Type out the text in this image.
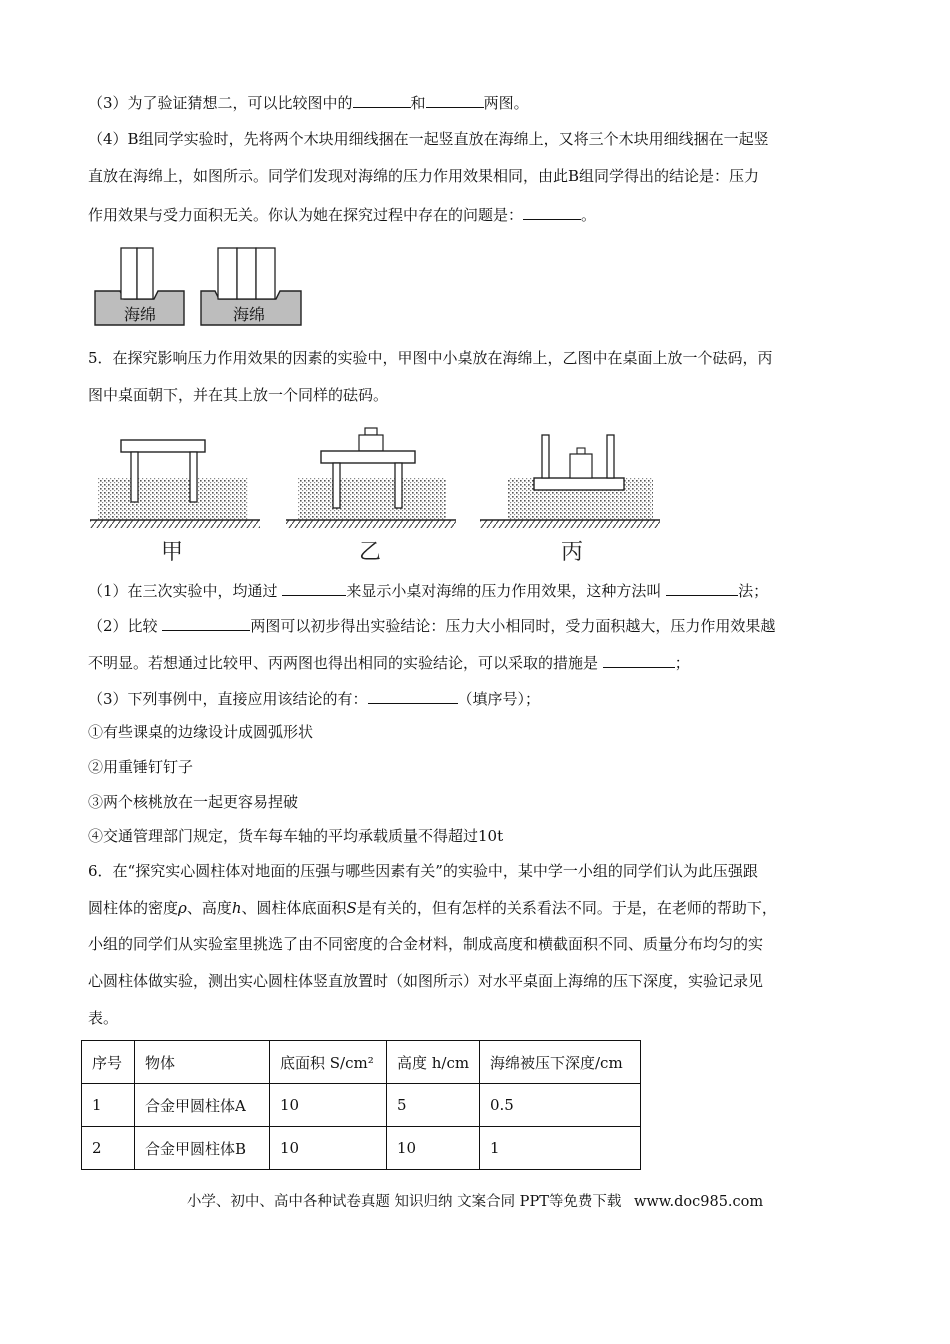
（3）为了验证猜想二，可以比较图中的	和	两图。
（4）B组同学实验时，先将两个木块用细线捆在一起竖直放在海绵上，又将三个木块用细线捆在一起竖
直放在海绵上，如图所示。同学们发现对海绵的压力作用效果相同，由此B组同学得出的结论是：压力
作用效果与受力面积无关。你认为她在探究过程中存在的问题是：	。
海绵	海绵
5．在探究影响压力作用效果的因素的实验中，甲图中小桌放在海绵上，乙图中在桌面上放一个砝码，丙
图中桌面朝下，并在其上放一个同样的砝码。
甲	乙	丙
（1）在三次实验中，均通过	来显示小桌对海绵的压力作用效果，这种方法叫	法；
（2）比较	两图可以初步得出实验结论：压力大小相同时，受力面积越大，压力作用效果越
不明显。若想通过比较甲、丙两图也得出相同的实验结论，可以采取的措施是	；
（3）下列事例中，直接应用该结论的有：	（填序号）；
①有些课桌的边缘设计成圆弧形状
②用重锤钉钉子
③两个核桃放在一起更容易捏破
④交通管理部门规定，货车每车轴的平均承载质量不得超过10t
6．在“探究实心圆柱体对地面的压强与哪些因素有关”的实验中，某中学一小组的同学们认为此压强跟
圆柱体的密度ρ、高度h、圆柱体底面积S是有关的，但有怎样的关系看法不同。于是，在老师的帮助下，
小组的同学们从实验室里挑选了由不同密度的合金材料，制成高度和横截面积不同、质量分布均匀的实
心圆柱体做实验，测出实心圆柱体竖直放置时（如图所示）对水平桌面上海绵的压下深度，实验记录见
表。
序号	物体	底面积 S/cm²	高度 h/cm	海绵被压下深度/cm
1	合金甲圆柱体A	10	5	0.5
2	合金甲圆柱体B	10	10	1
小学、初中、高中各种试卷真题 知识归纳 文案合同 PPT等免费下载 www.doc985.com
